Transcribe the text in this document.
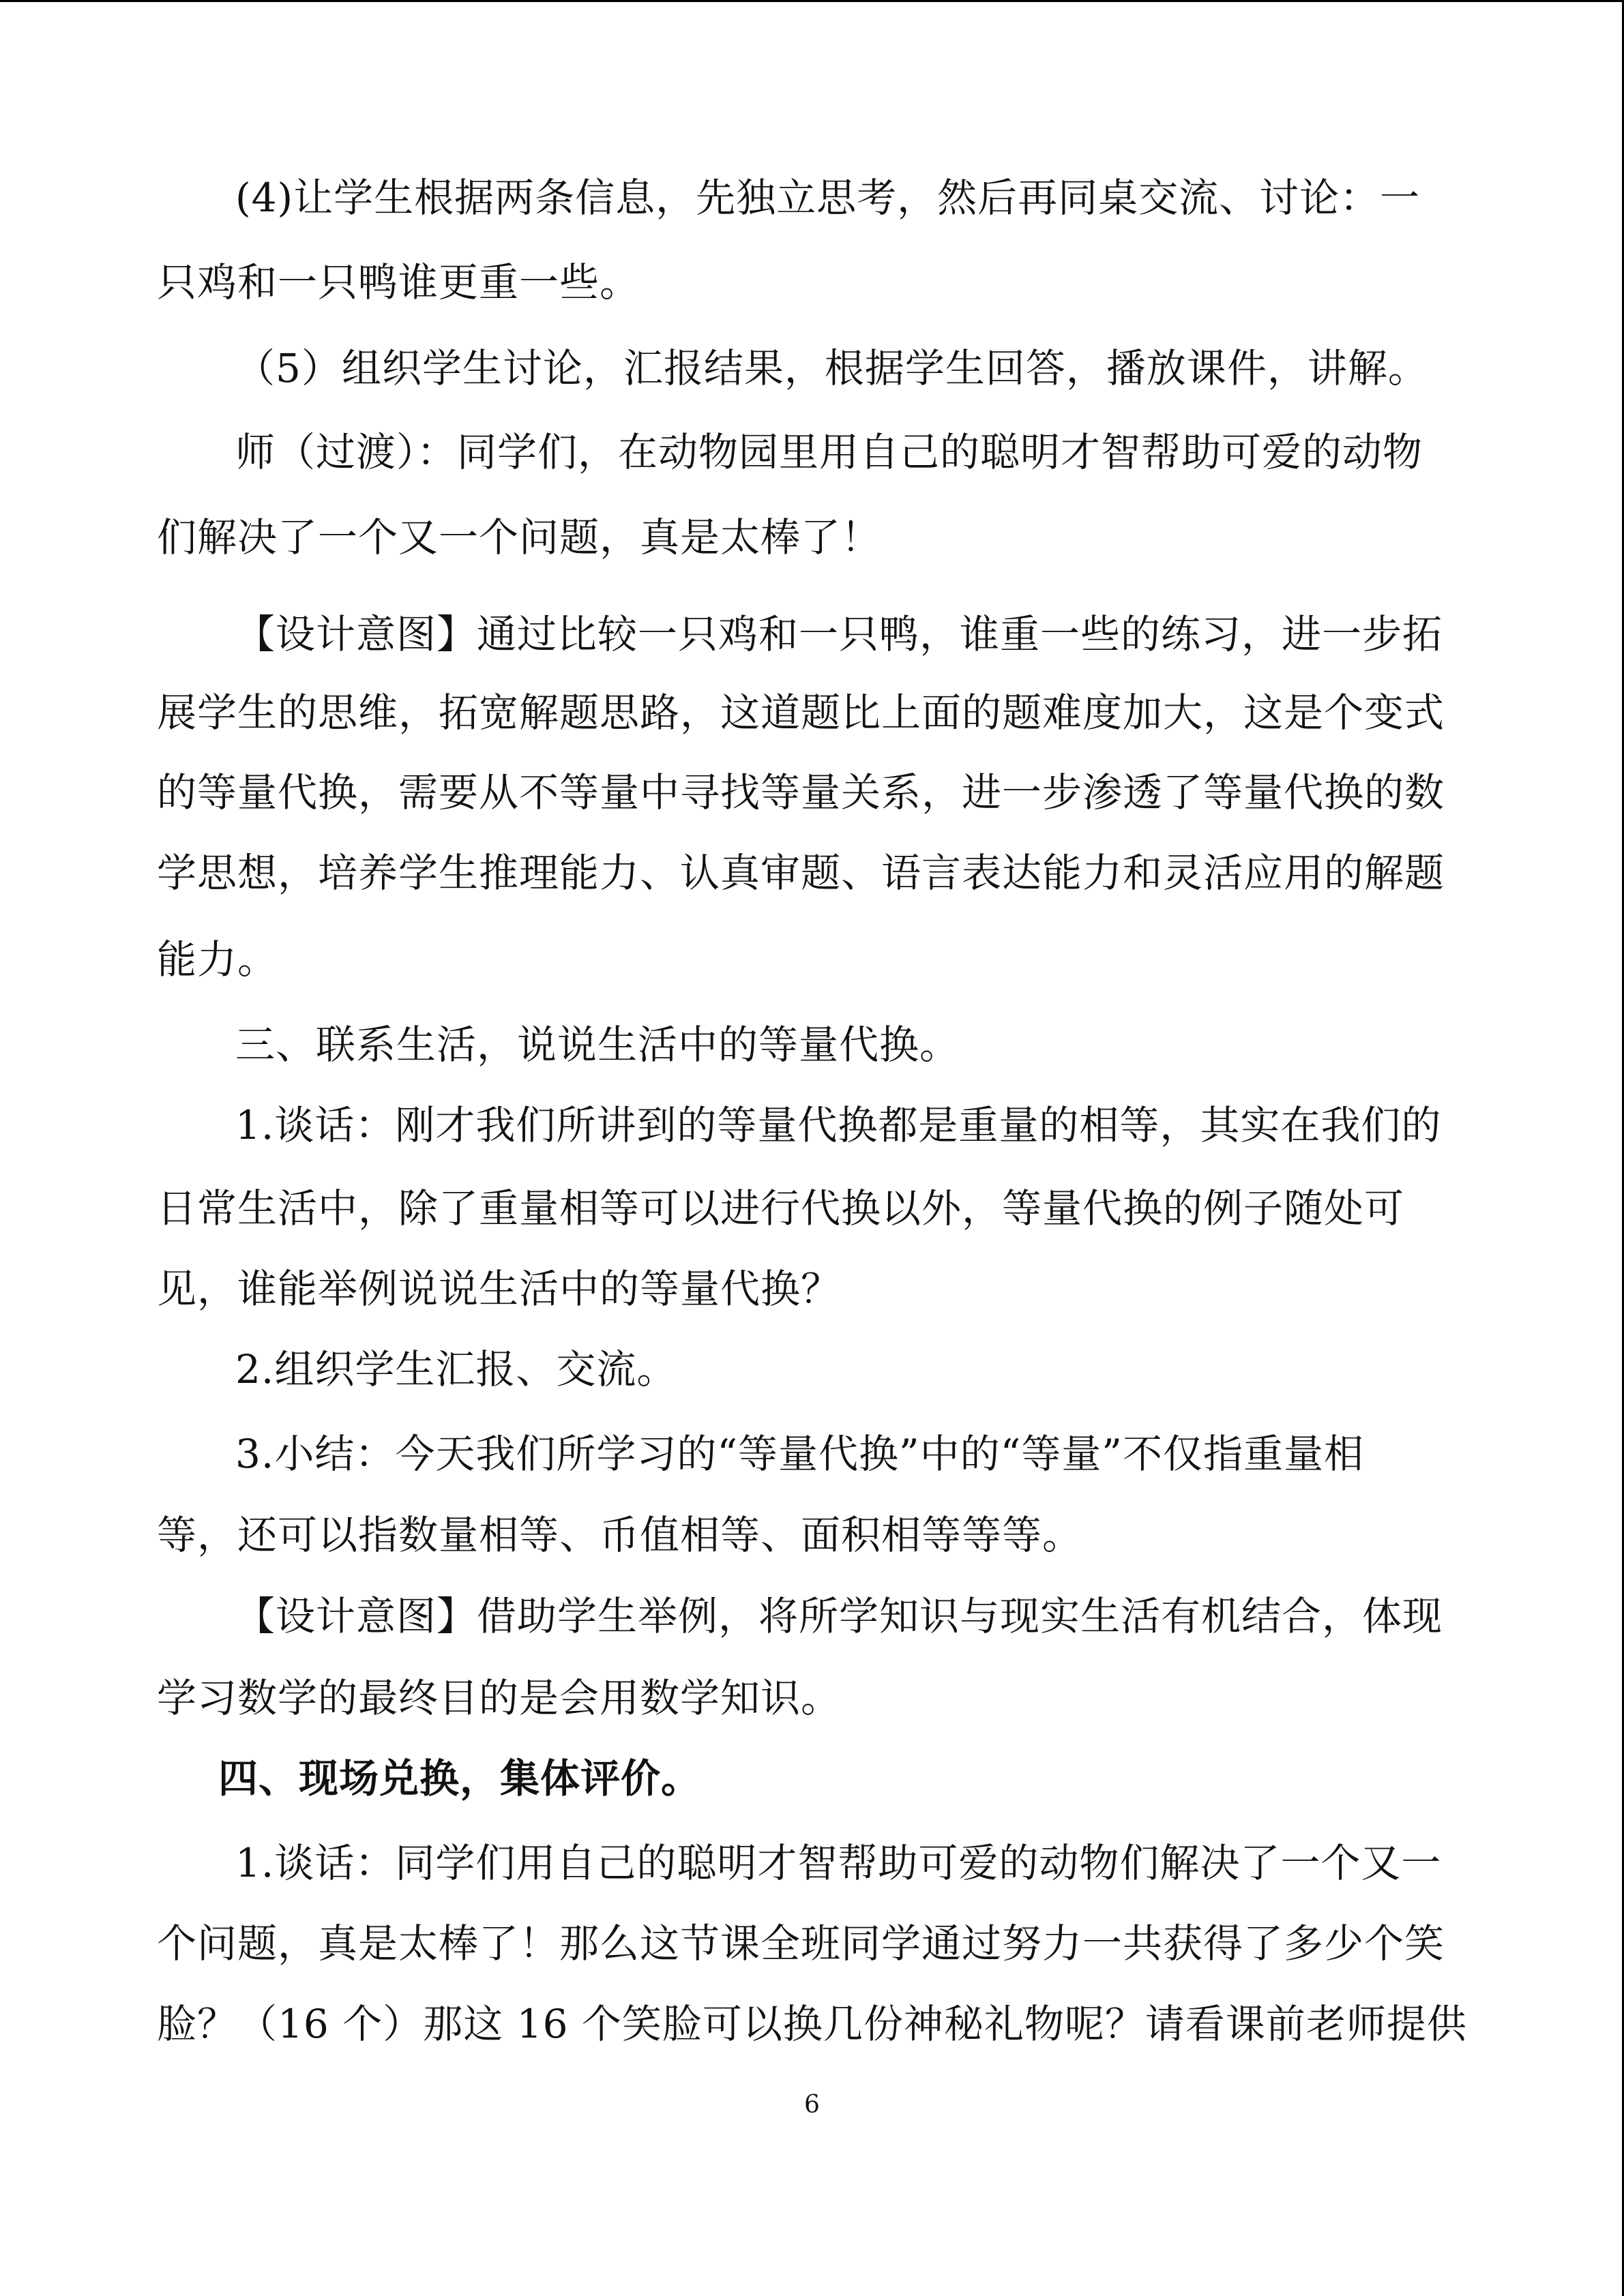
(4)让学生根据两条信息，先独立思考，然后再同桌交流、讨论：一
只鸡和一只鸭谁更重一些。
（5）组织学生讨论，汇报结果，根据学生回答，播放课件，讲解。
师（过渡）：同学们，在动物园里用自己的聪明才智帮助可爱的动物
们解决了一个又一个问题，真是太棒了！
【设计意图】通过比较一只鸡和一只鸭，谁重一些的练习，进一步拓
展学生的思维，拓宽解题思路，这道题比上面的题难度加大，这是个变式
的等量代换，需要从不等量中寻找等量关系，进一步渗透了等量代换的数
学思想，培养学生推理能力、认真审题、语言表达能力和灵活应用的解题
能力。
三、联系生活，说说生活中的等量代换。
1.谈话：刚才我们所讲到的等量代换都是重量的相等，其实在我们的
日常生活中，除了重量相等可以进行代换以外，等量代换的例子随处可
见，谁能举例说说生活中的等量代换？
2.组织学生汇报、交流。
3.小结：今天我们所学习的“等量代换”中的“等量”不仅指重量相
等，还可以指数量相等、币值相等、面积相等等等。
【设计意图】借助学生举例，将所学知识与现实生活有机结合，体现
学习数学的最终目的是会用数学知识。
四、现场兑换，集体评价。
1.谈话：同学们用自己的聪明才智帮助可爱的动物们解决了一个又一
个问题，真是太棒了！那么这节课全班同学通过努力一共获得了多少个笑
脸？（16 个）那这 16 个笑脸可以换几份神秘礼物呢？请看课前老师提供
6
